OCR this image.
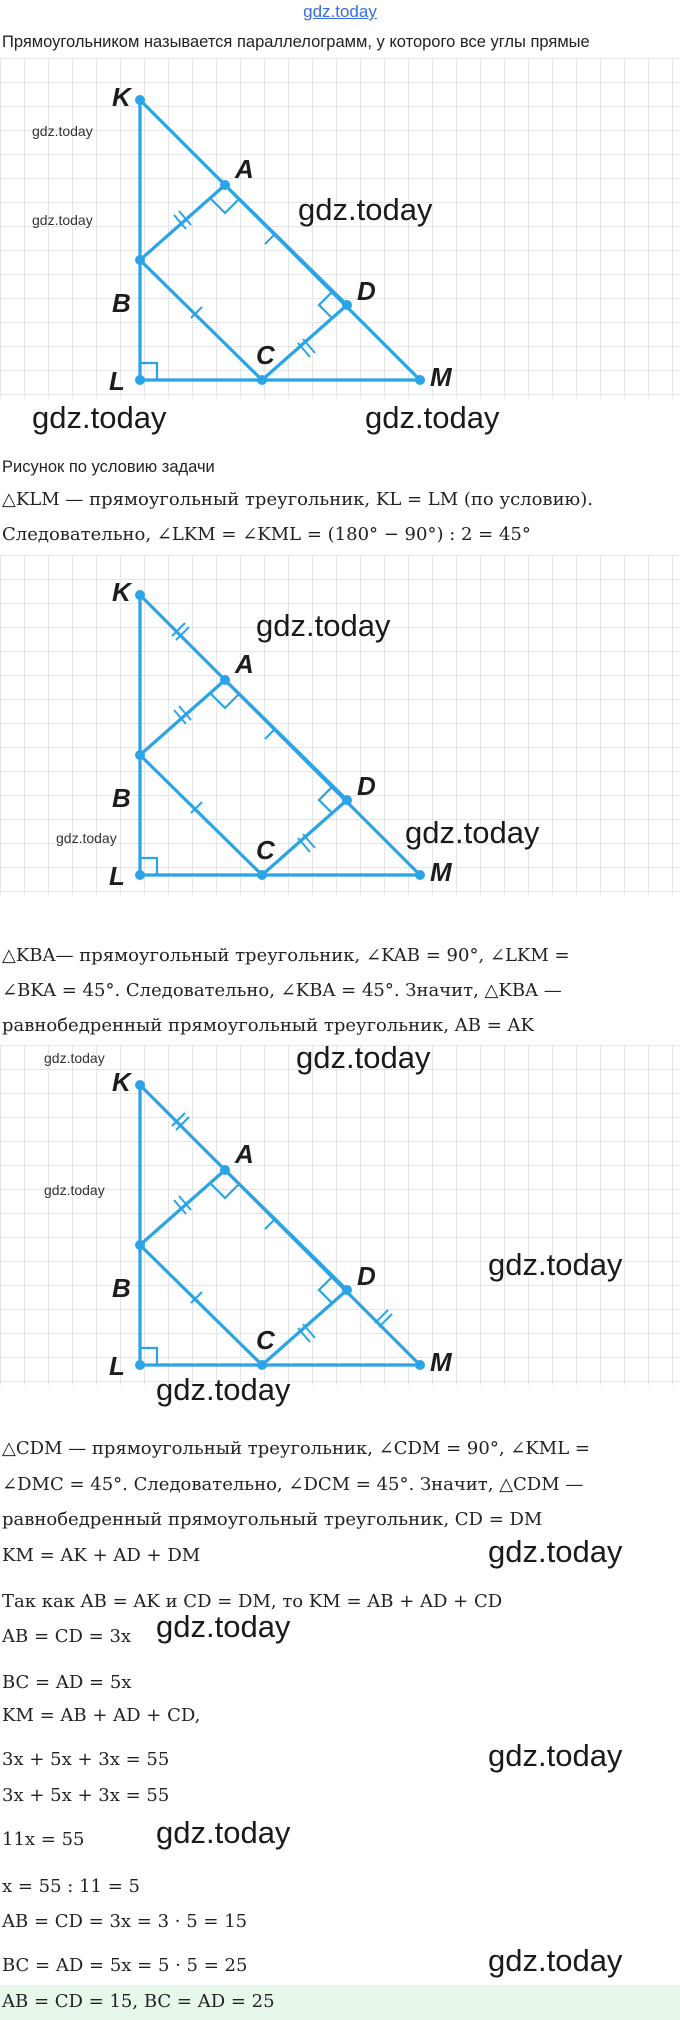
gdz.today
Прямоугольником называется параллелограмм, у которого все углы прямые
K
A
B
C
D
L	M
gdz.today
gdz.today	gdz.today
gdz.today	gdz.today
Рисунок по условию задачи
△KLM — прямоугольный треугольник, KL = LM (по условию).
Следовательно, ∠LKM = ∠KML = (180° − 90°) : 2 = 45°
K
A
B
C
D
L	M
gdz.today
gdz.today	gdz.today
△KBA— прямоугольный треугольник, ∠KAB = 90°, ∠LKM =
∠BKA = 45°. Следовательно, ∠KBA = 45°. Значит, △KBA —
равнобедренный прямоугольный треугольник, AB = AK
K
A
B
C
D
L	M
gdz.today	gdz.today
gdz.today
gdz.today
gdz.today
△CDM — прямоугольный треугольник, ∠CDM = 90°, ∠KML =
∠DMC = 45°. Следовательно, ∠DCM = 45°. Значит, △CDM —
равнобедренный прямоугольный треугольник, CD = DM
KM = AK + AD + DM
Так как AB = AK и CD = DM, то KM = AB + AD + CD
AB = CD = 3x
BC = AD = 5x
KM = AB + AD + CD,
3x + 5x + 3x = 55
3x + 5x + 3x = 55
11x = 55
x = 55 : 11 = 5
AB = CD = 3x = 3 · 5 = 15
BC = AD = 5x = 5 · 5 = 25
AB = CD = 15, BC = AD = 25
gdz.today
gdz.today
gdz.today
gdz.today
gdz.today
